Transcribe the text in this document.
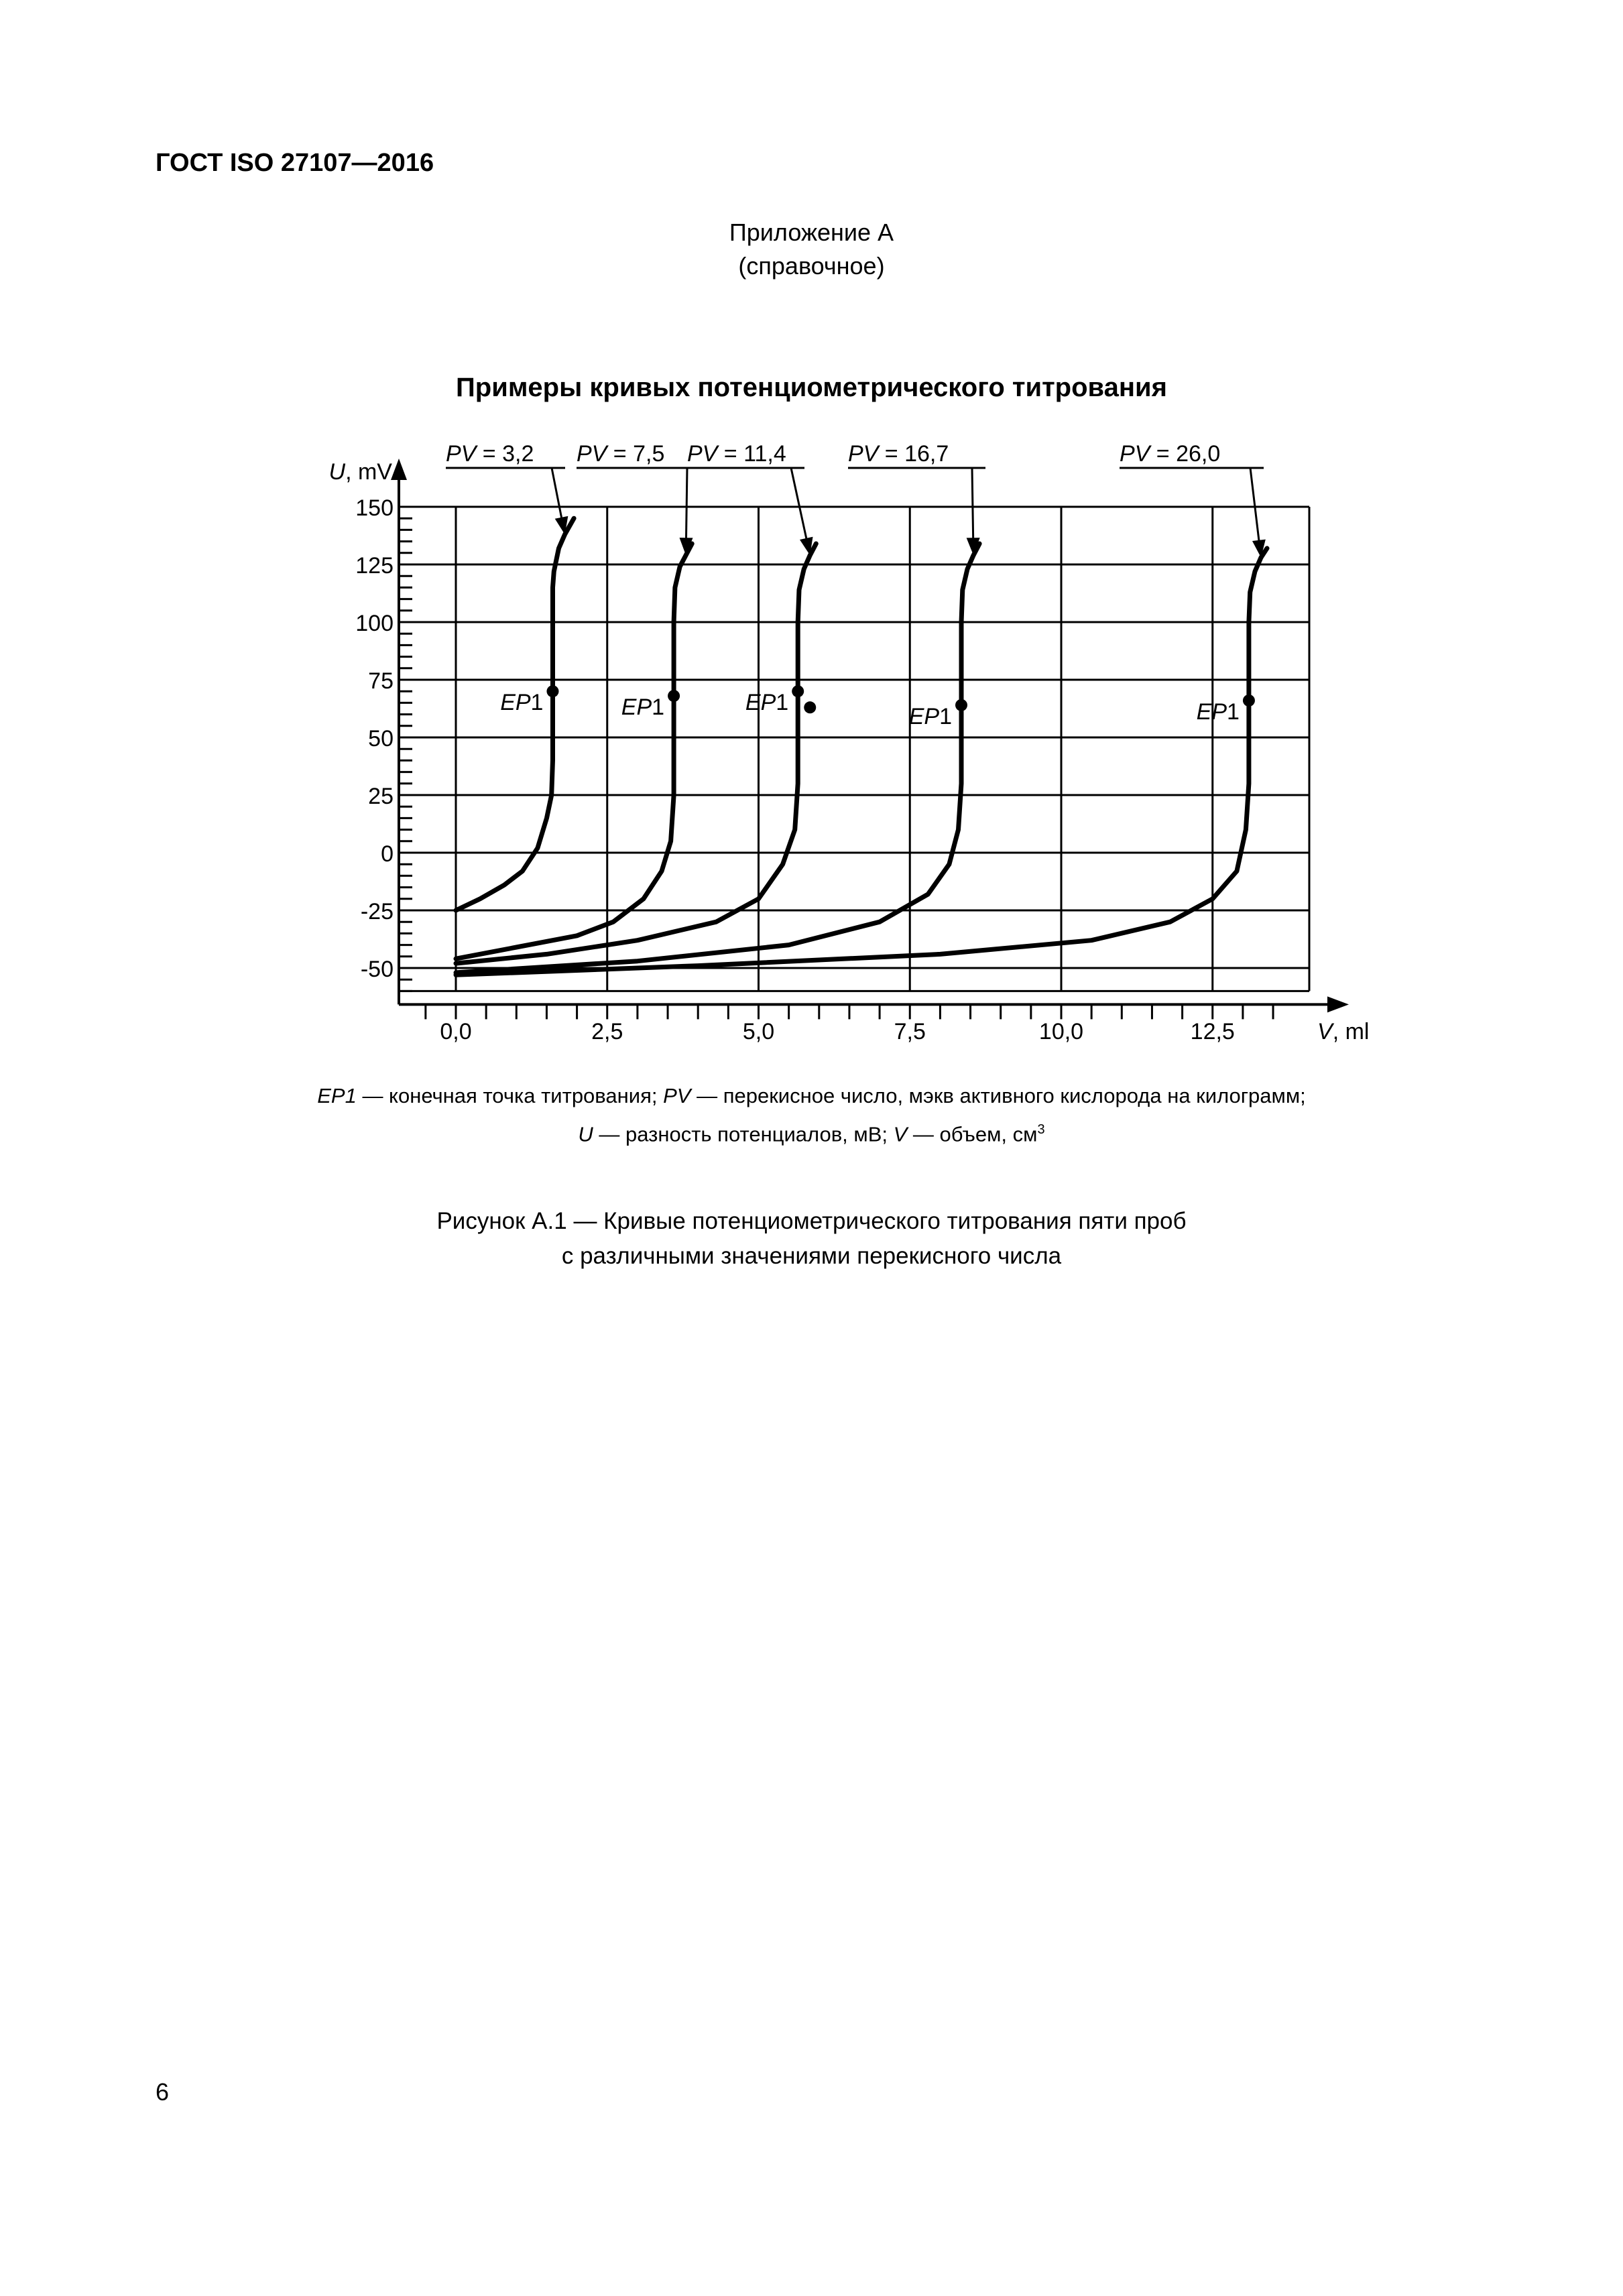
ГОСТ ISO 27107—2016
Приложение А
(справочное)
Примеры кривых потенциометрического титрования
-50
-25
0
25
50
75
100
125
150
0,0	2,5	5,0	7,5	10,0	12,5
U, mV
V, ml
EP1
PV = 3,2
EP1
PV = 7,5
EP1
PV = 11,4
EP1
PV = 16,7
EP1
PV = 26,0
EP1 — конечная точка титрования; PV — перекисное число, мэкв активного кислорода на килограмм;
U — разность потенциалов, мВ; V — объем, $см^3$
Рисунок А.1 — Кривые потенциометрического титрования пяти проб
с различными значениями перекисного числа
6
